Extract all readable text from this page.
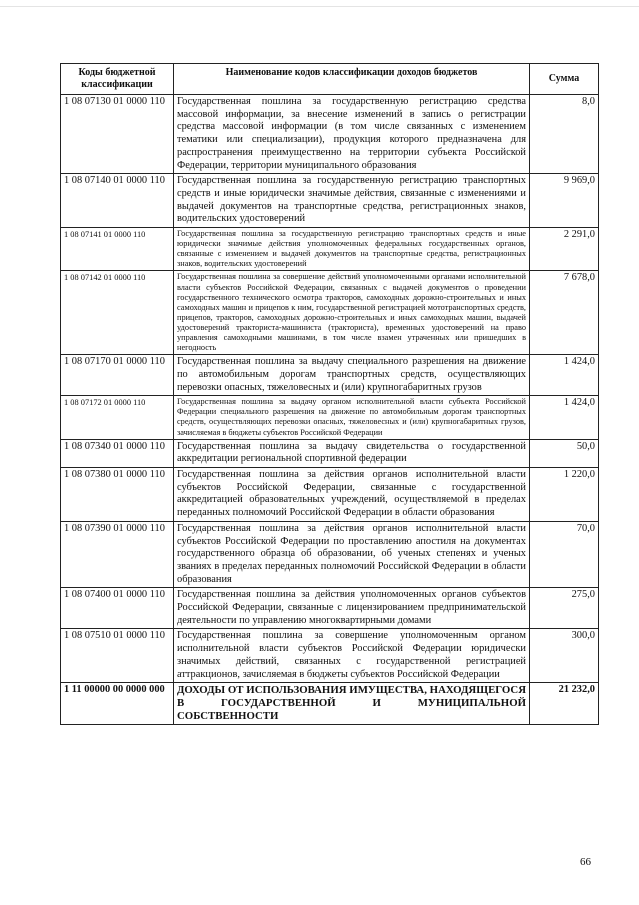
Коды бюджетной классификации	Наименование кодов классификации доходов бюджетов	Сумма
1 08 07130 01 0000 110	Государственная пошлина за государственную регистрацию средства массовой информации, за внесение изменений в запись о регистрации средства массовой информации (в том числе связанных с изменением тематики или специализации), продукция которого предназначена для распространения преимущественно на территории субъекта Российской Федерации, территории муниципального образования	8,0
1 08 07140 01 0000 110	Государственная пошлина за государственную регистрацию транспортных средств и иные юридически значимые действия, связанные с изменениями и выдачей документов на транспортные средства, регистрационных знаков, водительских удостоверений	9 969,0
1 08 07141 01 0000 110	Государственная пошлина за государственную регистрацию транспортных средств и иные юридически значимые действия уполномоченных федеральных государственных органов, связанные с изменением и выдачей документов на транспортные средства, регистрационных знаков, водительских удостоверений	2 291,0
1 08 07142 01 0000 110	Государственная пошлина за совершение действий уполномоченными органами исполнительной власти субъектов Российской Федерации, связанных с выдачей документов о проведении государственного технического осмотра тракторов, самоходных дорожно-строительных и иных самоходных машин и прицепов к ним, государственной регистрацией мототранспортных средств, прицепов, тракторов, самоходных дорожно-строительных и иных самоходных машин, выдачей удостоверений тракториста-машиниста (тракториста), временных удостоверений на право управления самоходными машинами, в том числе взамен утраченных или пришедших в негодность	7 678,0
1 08 07170 01 0000 110	Государственная пошлина за выдачу специального разрешения на движение по автомобильным дорогам транспортных средств, осуществляющих перевозки опасных, тяжеловесных и (или) крупногабаритных грузов	1 424,0
1 08 07172 01 0000 110	Государственная пошлина за выдачу органом исполнительной власти субъекта Российской Федерации специального разрешения на движение по автомобильным дорогам транспортных средств, осуществляющих перевозки опасных, тяжеловесных и (или) крупногабаритных грузов, зачисляемая в бюджеты субъектов Российской Федерации	1 424,0
1 08 07340 01 0000 110	Государственная пошлина за выдачу свидетельства о государственной аккредитации региональной спортивной федерации	50,0
1 08 07380 01 0000 110	Государственная пошлина за действия органов исполнительной власти субъектов Российской Федерации, связанные с государственной аккредитацией образовательных учреждений, осуществляемой в пределах переданных полномочий Российской Федерации в области образования	1 220,0
1 08 07390 01 0000 110	Государственная пошлина за действия органов исполнительной власти субъектов Российской Федерации по проставлению апостиля на документах государственного образца об образовании, об ученых степенях и ученых званиях в пределах переданных полномочий Российской Федерации в области образования	70,0
1 08 07400 01 0000 110	Государственная пошлина за действия уполномоченных органов субъектов Российской Федерации, связанные с лицензированием предпринимательской деятельности по управлению многоквартирными домами	275,0
1 08 07510 01 0000 110	Государственная пошлина за совершение уполномоченным органом исполнительной власти субъектов Российской Федерации юридически значимых действий, связанных с государственной регистрацией аттракционов, зачисляемая в бюджеты субъектов Российской Федерации	300,0
1 11 00000 00 0000 000	ДОХОДЫ ОТ ИСПОЛЬЗОВАНИЯ ИМУЩЕСТВА, НАХОДЯЩЕГОСЯ В ГОСУДАРСТВЕННОЙ И МУНИЦИПАЛЬНОЙ СОБСТВЕННОСТИ	21 232,0
66
